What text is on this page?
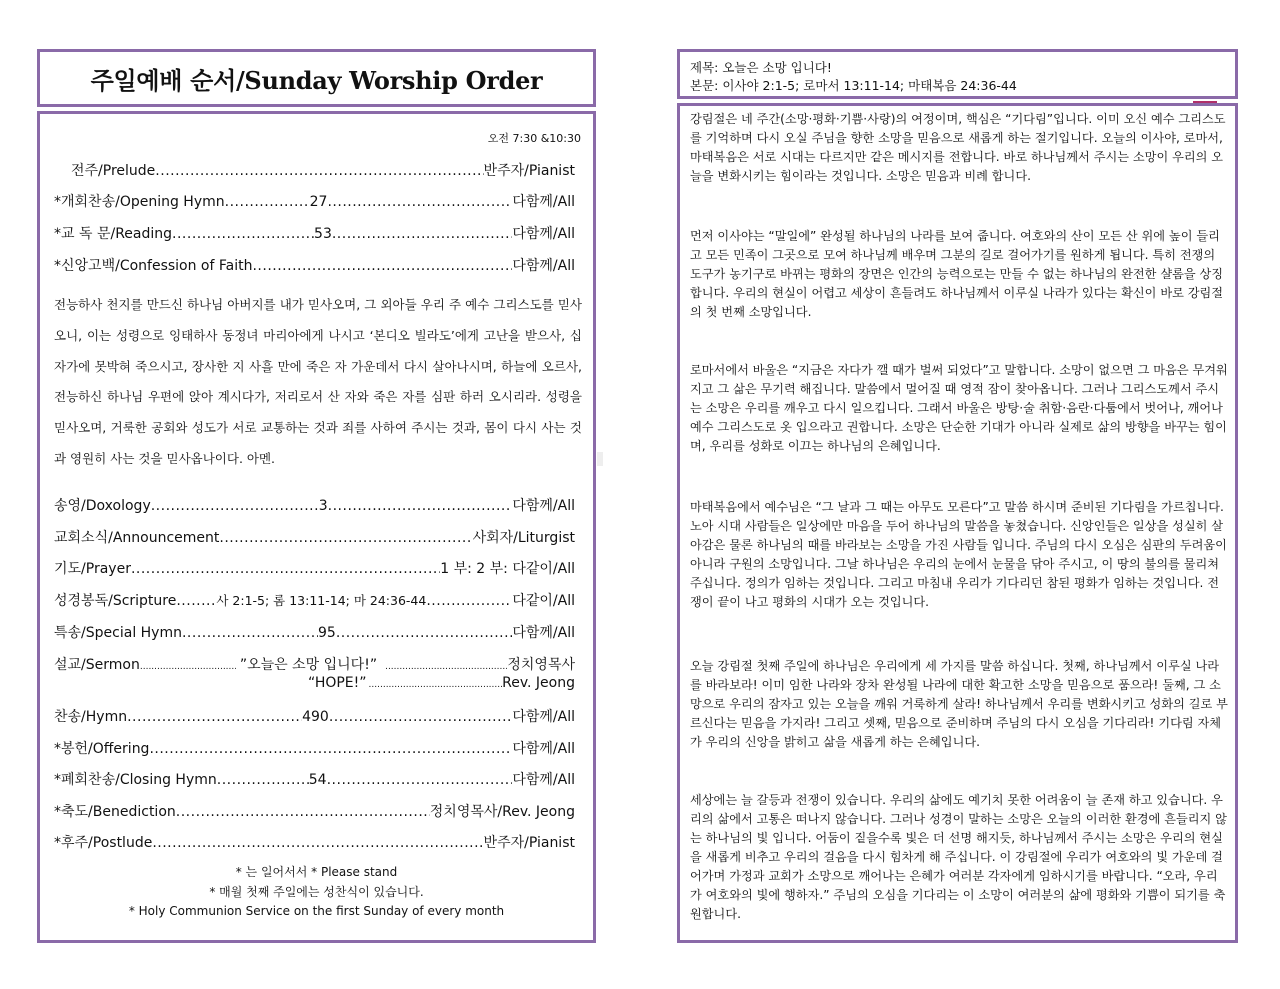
주일예배 순서/Sunday Worship Order
오전 7:30 &10:30
전주/Prelude .....	반주자/Pianist
*개회찬송/Opening Hymn .....	27 .....	다함께/All
*교 독 문/Reading .....	53 .....	다함께/All
*신앙고백/Confession of Faith .....	다함께/All
전능하사 천지를 만드신 하나님 아버지를 내가 믿사오며, 그 외아들 우리 주 예수 그리스도를 믿사오니, 이는 성령으로 잉태하사 동정녀 마리아에게 나시고 ‘본디오 빌라도’에게 고난을 받으사, 십자가에 못박혀 죽으시고, 장사한 지 사흘 만에 죽은 자 가운데서 다시 살아나시며, 하늘에 오르사, 전능하신 하나님 우편에 앉아 계시다가, 저리로서 산 자와 죽은 자를 심판 하러 오시리라. 성령을 믿사오며, 거룩한 공회와 성도가 서로 교통하는 것과 죄를 사하여 주시는 것과, 몸이 다시 사는 것과 영원히 사는 것을 믿사옵나이다. 아멘.
송영/Doxology .....	3 .....	다함께/All
교회소식/Announcement .....	사회자/Liturgist
기도/Prayer .....	1 부: 2 부: 다같이/All
성경봉독/Scripture .....	사 2:1-5; 롬 13:11-14; 마 24:36-44 .....	다같이/All
특송/Special Hymn .....	95 .....	다함께/All
설교/Sermon .....	”오늘은 소망 입니다!” .....	정치영목사
“HOPE!” .....	Rev. Jeong
찬송/Hymn .....	490 .....	다함께/All
*봉헌/Offering .....	다함께/All
*폐회찬송/Closing Hymn .....	54 .....	다함께/All
*축도/Benediction .....	정치영목사/Rev. Jeong
*후주/Postlude .....	반주자/Pianist
* 는 일어서서 * Please stand
* 매월 첫째 주일에는 성찬식이 있습니다.
* Holy Communion Service on the first Sunday of every month
제목: 오늘은 소망 입니다!
본문: 이사야 2:1-5; 로마서 13:11-14; 마태복음 24:36-44
강림절은 네 주간(소망·평화·기쁨·사랑)의 여정이며, 핵심은 “기다림”입니다. 이미 오신 예수 그리스도를 기억하며 다시 오실 주님을 향한 소망을 믿음으로 새롭게 하는 절기입니다. 오늘의 이사야, 로마서, 마태복음은 서로 시대는 다르지만 같은 메시지를 전합니다. 바로 하나님께서 주시는 소망이 우리의 오늘을 변화시키는 힘이라는 것입니다. 소망은 믿음과 비례 합니다.
먼저 이사야는 “말일에” 완성될 하나님의 나라를 보여 줍니다. 여호와의 산이 모든 산 위에 높이 들리고 모든 민족이 그곳으로 모여 하나님께 배우며 그분의 길로 걸어가기를 원하게 됩니다. 특히 전쟁의 도구가 농기구로 바뀌는 평화의 장면은 인간의 능력으로는 만들 수 없는 하나님의 완전한 샬롬을 상징합니다. 우리의 현실이 어렵고 세상이 흔들려도 하나님께서 이루실 나라가 있다는 확신이 바로 강림절의 첫 번째 소망입니다.
로마서에서 바울은 “지금은 자다가 깰 때가 벌써 되었다”고 말합니다. 소망이 없으면 그 마음은 무겨워지고 그 삶은 무기력 해집니다. 말씀에서 멀어질 때 영적 잠이 찾아옵니다. 그러나 그리스도께서 주시는 소망은 우리를 깨우고 다시 일으킵니다. 그래서 바울은 방탕·술 취함·음란·다툼에서 벗어나, 깨어나 예수 그리스도로 옷 입으라고 권합니다. 소망은 단순한 기대가 아니라 실제로 삶의 방향을 바꾸는 힘이며, 우리를 성화로 이끄는 하나님의 은혜입니다.
마태복음에서 예수님은 “그 날과 그 때는 아무도 모른다”고 말씀 하시며 준비된 기다림을 가르칩니다. 노아 시대 사람들은 일상에만 마음을 두어 하나님의 말씀을 놓쳤습니다. 신앙인들은 일상을 성실히 살아감은 물론 하나님의 때를 바라보는 소망을 가진 사람들 입니다. 주님의 다시 오심은 심판의 두려움이 아니라 구원의 소망입니다. 그날 하나님은 우리의 눈에서 눈물을 닦아 주시고, 이 땅의 불의를 물리쳐 주십니다. 정의가 임하는 것입니다. 그리고 마침내 우리가 기다리던 참된 평화가 임하는 것입니다. 전쟁이 끝이 나고 평화의 시대가 오는 것입니다.
오늘 강림절 첫째 주일에 하나님은 우리에게 세 가지를 말씀 하십니다. 첫째, 하나님께서 이루실 나라를 바라보라! 이미 임한 나라와 장차 완성될 나라에 대한 확고한 소망을 믿음으로 품으라! 둘째, 그 소망으로 우리의 잠자고 있는 오늘을 깨워 거룩하게 살라! 하나님께서 우리를 변화시키고 성화의 길로 부르신다는 믿음을 가지라! 그리고 셋째, 믿음으로 준비하며 주님의 다시 오심을 기다리라! 기다림 자체가 우리의 신앙을 밝히고 삶을 새롭게 하는 은혜입니다.
세상에는 늘 갈등과 전쟁이 있습니다. 우리의 삶에도 예기치 못한 어려움이 늘 존재 하고 있습니다. 우리의 삶에서 고통은 떠나지 않습니다. 그러나 성경이 말하는 소망은 오늘의 이러한 환경에 흔들리지 않는 하나님의 빛 입니다. 어둠이 짙을수록 빛은 더 선명 해지듯, 하나님께서 주시는 소망은 우리의 현실을 새롭게 비추고 우리의 걸음을 다시 힘차게 해 주십니다. 이 강림절에 우리가 여호와의 빛 가운데 걸어가며 가정과 교회가 소망으로 깨어나는 은혜가 여러분 각자에게 임하시기를 바랍니다. “오라, 우리가 여호와의 빛에 행하자.” 주님의 오심을 기다리는 이 소망이 여러분의 삶에 평화와 기쁨이 되기를 축원합니다.
